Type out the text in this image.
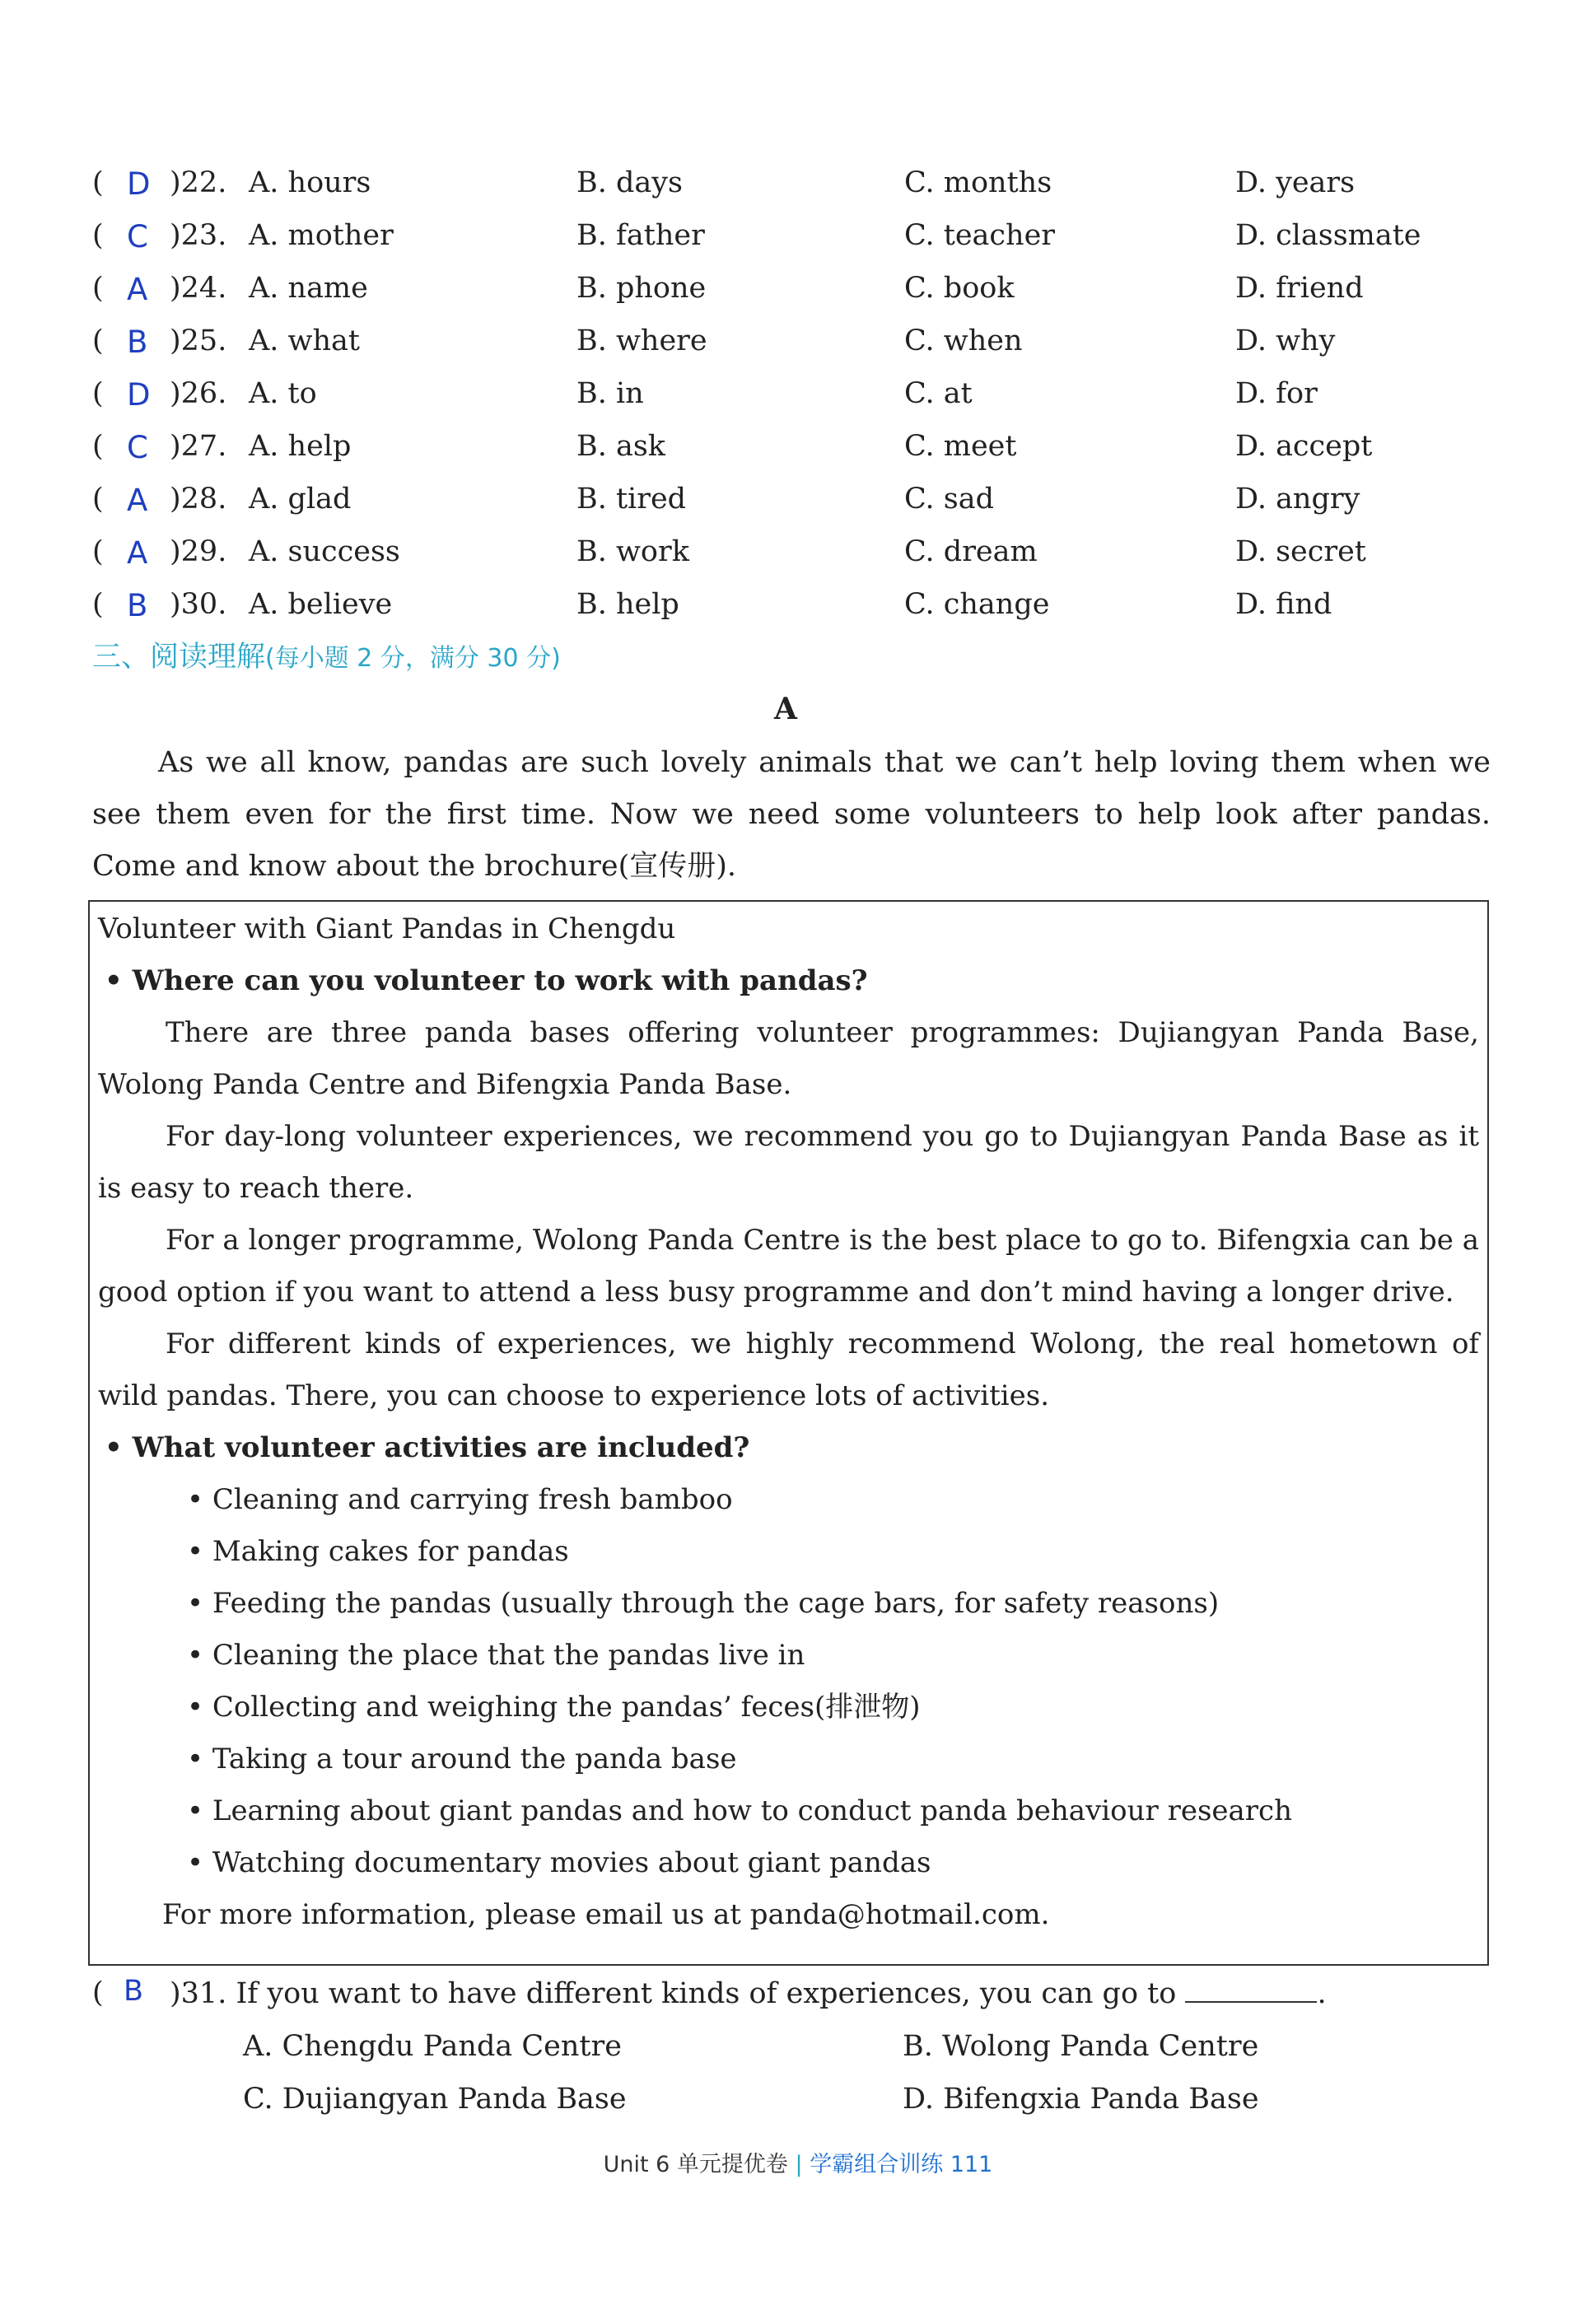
( D )22. A. hours	B. days	C. months	D. years
( C )23. A. mother	B. father	C. teacher	D. classmate
( A )24. A. name	B. phone	C. book	D. friend
( B )25. A. what	B. where	C. when	D. why
( D )26. A. to	B. in	C. at	D. for
( C )27. A. help	B. ask	C. meet	D. accept
( A )28. A. glad	B. tired	C. sad	D. angry
( A )29. A. success	B. work	C. dream	D. secret
( B )30. A. believe	B. help	C. change	D. find
三、阅读理解(每小题 2 分，满分 30 分)
A
As we all know, pandas are such lovely animals that we can’t help loving them when we see them even for the first time. Now we need some volunteers to help look after pandas. Come and know about the brochure(宣传册).
Volunteer with Giant Pandas in Chengdu
• Where can you volunteer to work with pandas?
There are three panda bases offering volunteer programmes: Dujiangyan Panda Base, Wolong Panda Centre and Bifengxia Panda Base.
For day-long volunteer experiences, we recommend you go to Dujiangyan Panda Base as it is easy to reach there.
For a longer programme, Wolong Panda Centre is the best place to go to. Bifengxia can be a good option if you want to attend a less busy programme and don’t mind having a longer drive.
For different kinds of experiences, we highly recommend Wolong, the real hometown of wild pandas. There, you can choose to experience lots of activities.
• What volunteer activities are included?
• Cleaning and carrying fresh bamboo
• Making cakes for pandas
• Feeding the pandas (usually through the cage bars, for safety reasons)
• Cleaning the place that the pandas live in
• Collecting and weighing the pandas’ feces(排泄物)
• Taking a tour around the panda base
• Learning about giant pandas and how to conduct panda behaviour research
• Watching documentary movies about giant pandas
For more information, please email us at panda@hotmail.com.
( B )31. If you want to have different kinds of experiences, you can go to	.
A. Chengdu Panda Centre	B. Wolong Panda Centre
C. Dujiangyan Panda Base	D. Bifengxia Panda Base
Unit 6 单元提优卷 | 学霸组合训练 111
